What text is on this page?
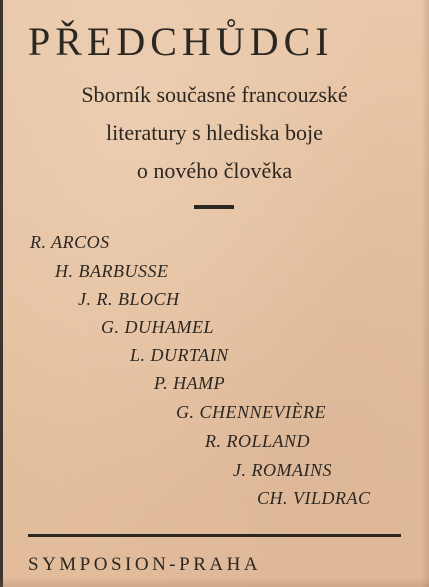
PŘEDCHŮDCI
Sborník současné francouzské
literatury s hlediska boje
o nového člověka
R. ARCOS
H. BARBUSSE
J. R. BLOCH
G. DUHAMEL
L. DURTAIN
P. HAMP
G. CHENNEVIÈRE
R. ROLLAND
J. ROMAINS
CH. VILDRAC
SYMPOSION-PRAHA
